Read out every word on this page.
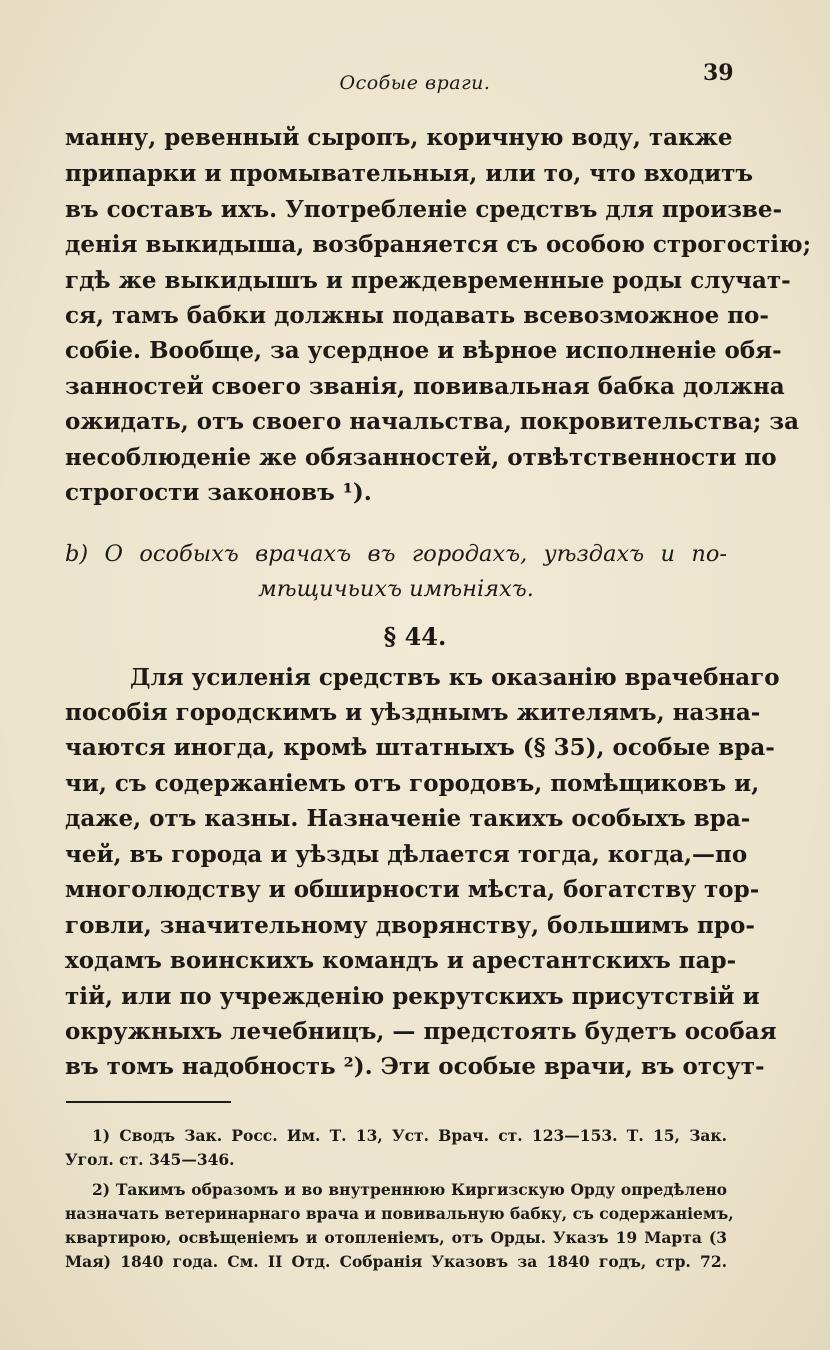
Особые враги.	39
манну, ревенный сыропъ, коричную воду, также
припарки и промывательныя, или то, что входитъ
въ составъ ихъ. Употребленіе средствъ для произве-
денія выкидыша, возбраняется съ особою строгостію;
гдѣ же выкидышъ и преждевременные роды случат-
ся, тамъ бабки должны подавать всевозможное по-
собіе. Вообще, за усердное и вѣрное исполненіе обя-
занностей своего званія, повивальная бабка должна
ожидать, отъ своего начальства, покровительства; за
несоблюденіе же обязанностей, отвѣтственности по
строгости законовъ ¹).
b) О особыхъ врачахъ въ городахъ, уѣздахъ и по-
мѣщичьихъ имѣніяхъ.
§ 44.
Для усиленія средствъ къ оказанію врачебнаго
пособія городскимъ и уѣзднымъ жителямъ, назна-
чаются иногда, кромѣ штатныхъ (§ 35), особые вра-
чи, съ содержаніемъ отъ городовъ, помѣщиковъ и,
даже, отъ казны. Назначеніе такихъ особыхъ вра-
чей, въ города и уѣзды дѣлается тогда, когда,—по
многолюдству и обширности мѣста, богатству тор-
говли, значительному дворянству, большимъ про-
ходамъ воинскихъ командъ и арестантскихъ пар-
тій, или по учрежденію рекрутскихъ присутствій и
окружныхъ лечебницъ, — предстоять будетъ особая
въ томъ надобность ²). Эти особые врачи, въ отсут-
1) Сводъ Зак. Росс. Им. Т. 13, Уст. Врач. ст. 123—153. Т. 15, Зак.
Угол. ст. 345—346.
2) Такимъ образомъ и во внутреннюю Киргизскую Орду опредѣлено
назначать ветеринарнаго врача и повивальную бабку, съ содержаніемъ,
квартирою, освѣщеніемъ и отопленіемъ, отъ Орды. Указъ 19 Марта (3
Мая) 1840 года. См. II Отд. Собранія Указовъ за 1840 годъ, стр. 72.
